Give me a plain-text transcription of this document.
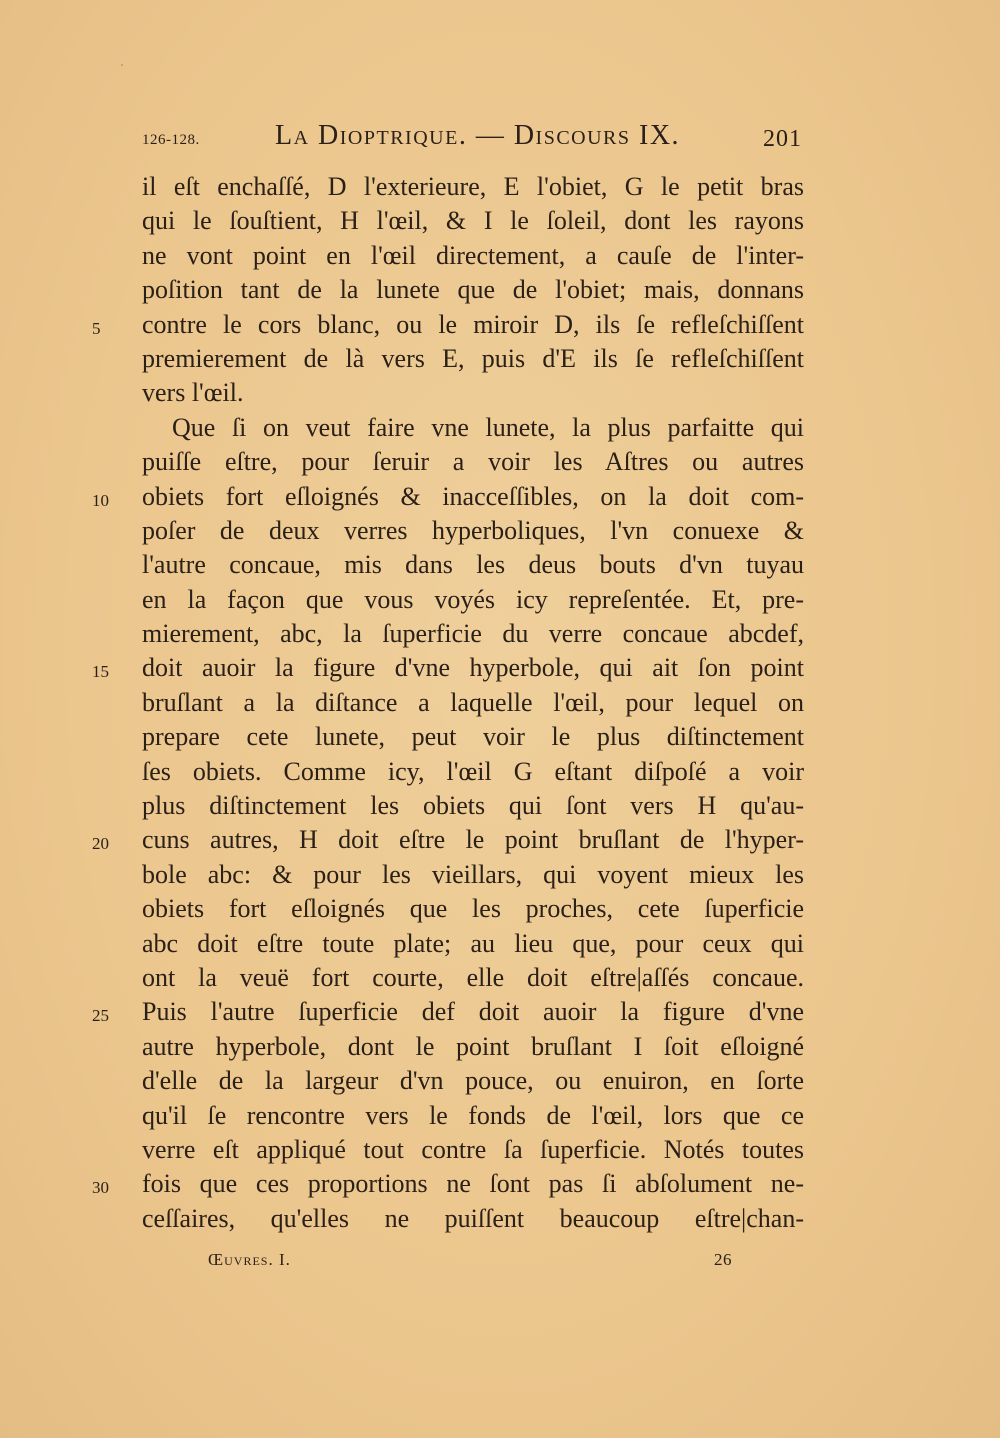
126-128.	La Dioptrique. — Discours IX.	201
il eſt enchaſſé, D l'exterieure, E l'obiet, G le petit bras
qui le ſouſtient, H l'œil, & I le ſoleil, dont les rayons
ne vont point en l'œil directement, a cauſe de l'inter-
poſition tant de la lunete que de l'obiet; mais, donnans
5	contre le cors blanc, ou le miroir D, ils ſe refleſchiſſent
premierement de là vers E, puis d'E ils ſe refleſchiſſent
vers l'œil.
Que ſi on veut faire vne lunete, la plus parfaitte qui
puiſſe eſtre, pour ſeruir a voir les Aſtres ou autres
10	obiets fort eſloignés & inacceſſibles, on la doit com-
poſer de deux verres hyperboliques, l'vn conuexe &
l'autre concaue, mis dans les deus bouts d'vn tuyau
en la façon que vous voyés icy repreſentée. Et, pre-
mierement, abc, la ſuperficie du verre concaue abcdef,
15	doit auoir la figure d'vne hyperbole, qui ait ſon point
bruſlant a la diſtance a laquelle l'œil, pour lequel on
prepare cete lunete, peut voir le plus diſtinctement
ſes obiets. Comme icy, l'œil G eſtant diſpoſé a voir
plus diſtinctement les obiets qui ſont vers H qu'au-
20	cuns autres, H doit eſtre le point bruſlant de l'hyper-
bole abc: & pour les vieillars, qui voyent mieux les
obiets fort eſloignés que les proches, cete ſuperficie
abc doit eſtre toute plate; au lieu que, pour ceux qui
ont la veuë fort courte, elle doit eſtre|aſſés concaue.
25	Puis l'autre ſuperficie def doit auoir la figure d'vne
autre hyperbole, dont le point bruſlant I ſoit eſloigné
d'elle de la largeur d'vn pouce, ou enuiron, en ſorte
qu'il ſe rencontre vers le fonds de l'œil, lors que ce
verre eſt appliqué tout contre ſa ſuperficie. Notés toutes
30	fois que ces proportions ne ſont pas ſi abſolument ne-
ceſſaires, qu'elles ne puiſſent beaucoup eſtre|chan-
Œuvres. I.	26
